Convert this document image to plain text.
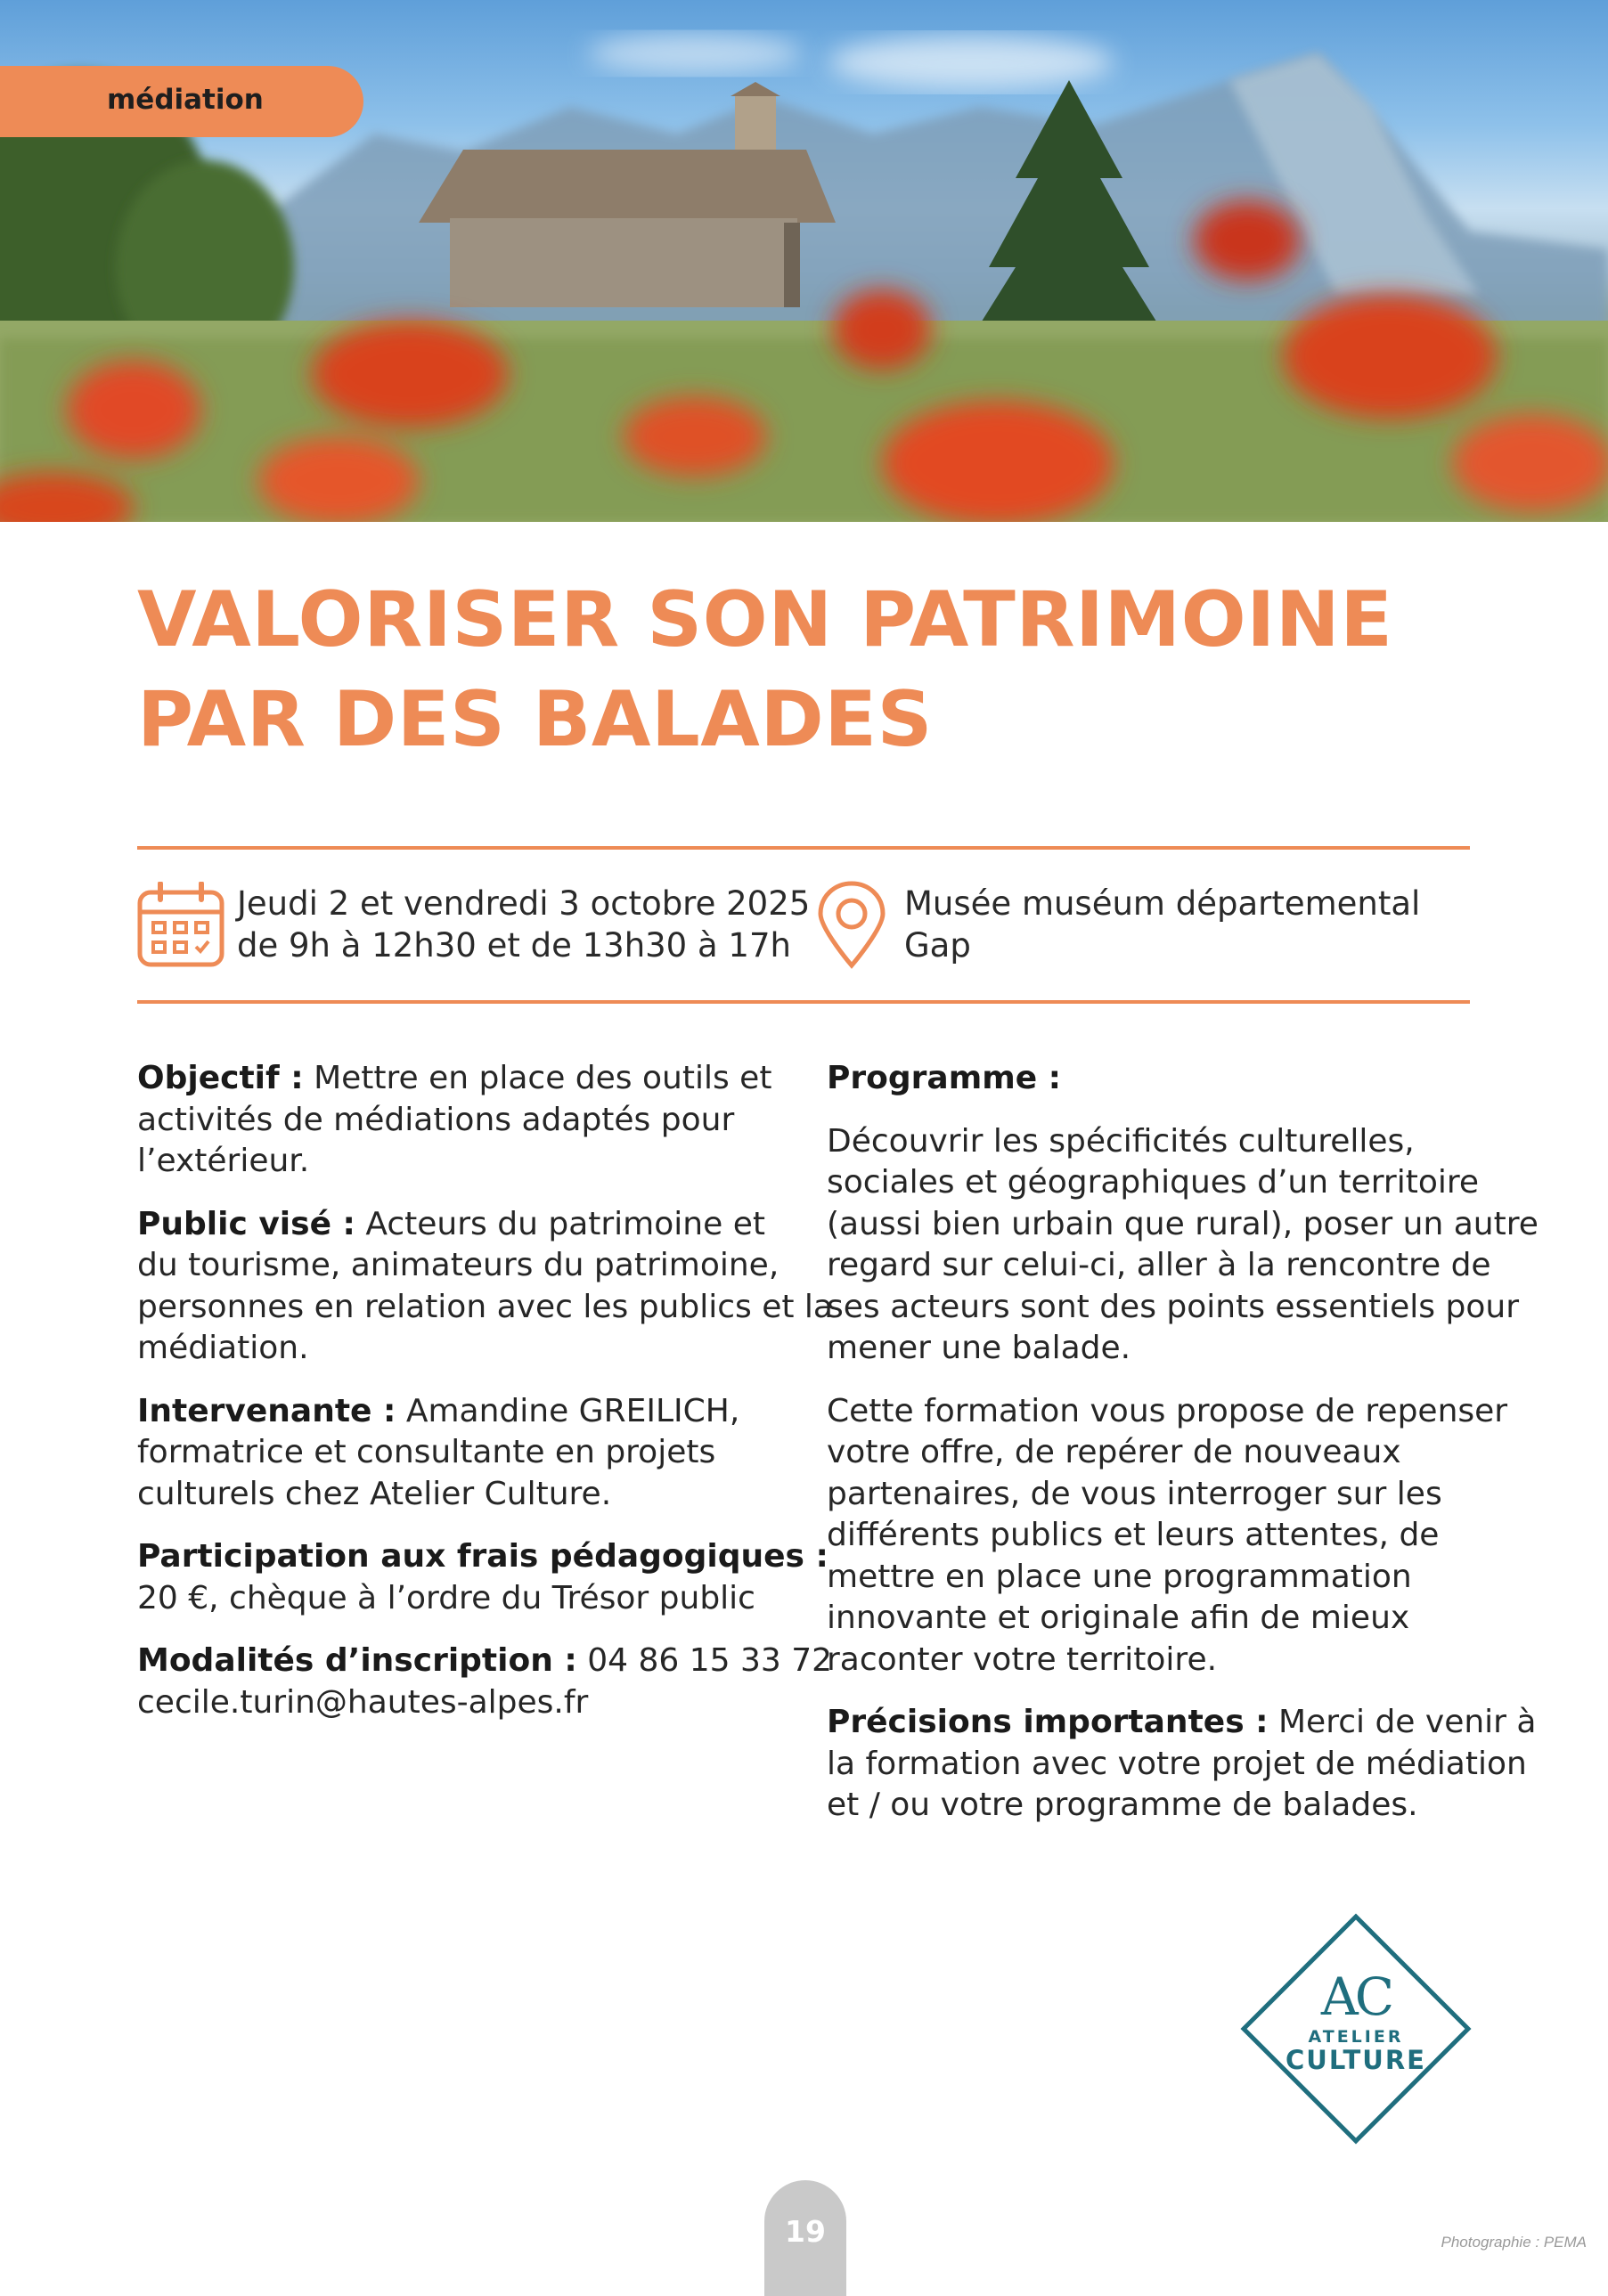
médiation
VALORISER SON PATRIMOINE
PAR DES BALADES
Jeudi 2 et vendredi 3 octobre 2025
de 9h à 12h30 et de 13h30 à 17h
Musée muséum départemental
Gap

Objectif : Mettre en place des outils et
activités de médiations adaptés pour
l’extérieur.

Public visé : Acteurs du patrimoine et
du tourisme, animateurs du patrimoine,
personnes en relation avec les publics et la
médiation.

Intervenante : Amandine GREILICH,
formatrice et consultante en projets
culturels chez Atelier Culture.

Participation aux frais pédagogiques :
20 €, chèque à l’ordre du Trésor public

Modalités d’inscription : 04 86 15 33 72
cecile.turin@hautes-alpes.fr

Programme :

Découvrir les spécificités culturelles,
sociales et géographiques d’un territoire
(aussi bien urbain que rural), poser un autre
regard sur celui-ci, aller à la rencontre de
ses acteurs sont des points essentiels pour
mener une balade.

Cette formation vous propose de repenser
votre offre, de repérer de nouveaux
partenaires, de vous interroger sur les
différents publics et leurs attentes, de
mettre en place une programmation
innovante et originale afin de mieux
raconter votre territoire.

Précisions importantes : Merci de venir à
la formation avec votre projet de médiation
et / ou votre programme de balades.

AC
ATELIER
CULTURE
19	Photographie : PEMA
